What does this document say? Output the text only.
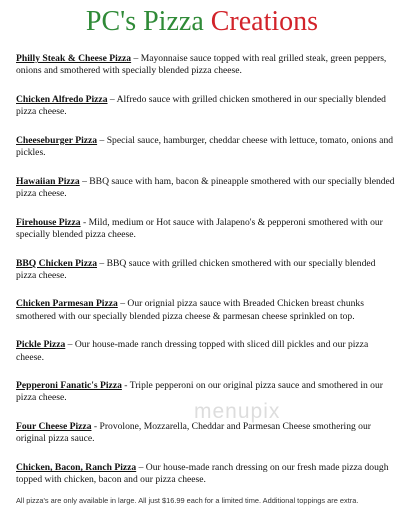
PC's Pizza Creations
Philly Steak & Cheese Pizza – Mayonnaise sauce topped with real grilled steak, green peppers, onions and smothered with specially blended pizza cheese.
Chicken Alfredo Pizza – Alfredo sauce with grilled chicken smothered in our specially blended pizza cheese.
Cheeseburger Pizza – Special sauce, hamburger, cheddar cheese with lettuce, tomato, onions and pickles.
Hawaiian Pizza – BBQ sauce with ham, bacon & pineapple smothered with our specially blended pizza cheese.
Firehouse Pizza - Mild, medium or Hot sauce with Jalapeno's & pepperoni smothered with our specially blended pizza cheese.
BBQ Chicken Pizza – BBQ sauce with grilled chicken smothered with our specially blended pizza cheese.
Chicken Parmesan Pizza – Our orignial pizza sauce with Breaded Chicken breast chunks smothered with our specially blended pizza cheese & parmesan cheese sprinkled on top.
Pickle Pizza – Our house-made ranch dressing topped with sliced dill pickles and our pizza cheese.
Pepperoni Fanatic's Pizza - Triple pepperoni on our original pizza sauce and smothered in our pizza cheese.
Four Cheese Pizza - Provolone, Mozzarella, Cheddar and Parmesan Cheese smothering our original pizza sauce.
Chicken, Bacon, Ranch Pizza – Our house-made ranch dressing on our fresh made pizza dough topped with chicken, bacon and our pizza cheese.
menupix
All pizza's are only available in large. All just $16.99 each for a limited time. Additional toppings are extra.
